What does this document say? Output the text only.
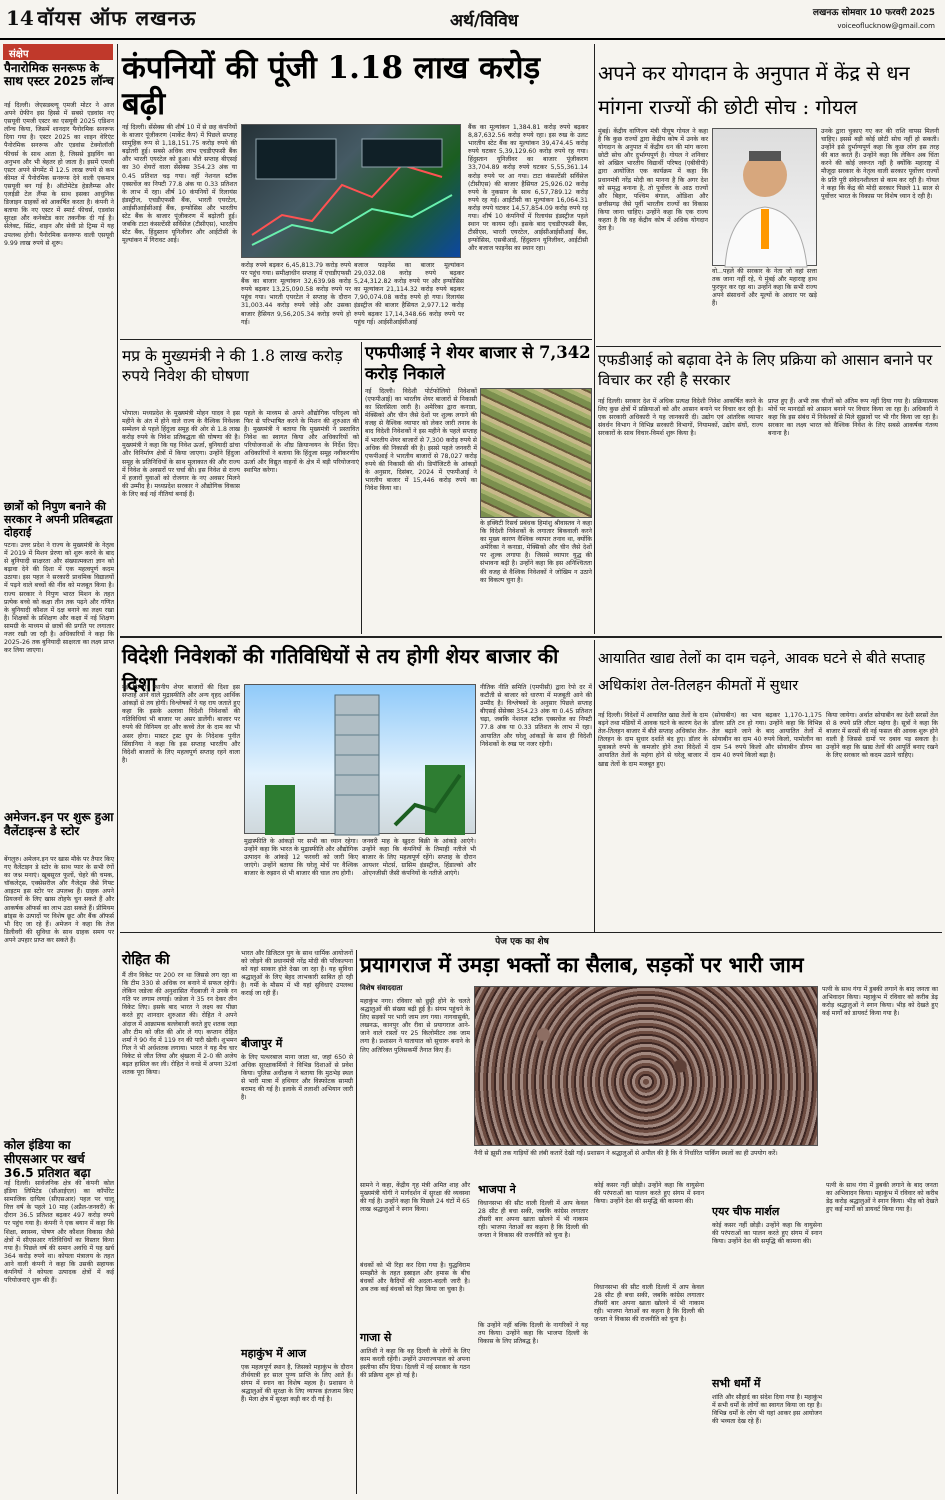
14 वॉयस ऑफ लखनऊ	अर्थ/विविध	लखनऊ सोमवार 10 फरवरी 2025
voiceoflucknow@gmail.com
संक्षेप
पैनारोमिक सनरूफ के साथ एस्टर 2025 लॉन्च
नई दिल्ली। जेएसडब्ल्यू एमजी मोटर ने आज अपने ग्रेफीन इस हिस्से में सबसे एडवांस नए एसयूवी एमजी एस्टर का एसयूवी 2025 एडिशन लॉन्च किया, जिसमें शानदार पैनोरमिक सनरूफ दिया गया है। एस्टर 2025 का शाइन वेरिएंट पैनोरमिक सनरूफ और एडवांस टेक्नोलॉजी फीचर्स के साथ आता है, जिससे ड्राइविंग का अनुभव और भी बेहतर हो जाता है। इसमें एमजी एस्टर अपने सेगमेंट में 12.5 लाख रुपये से कम कीमत में पैनोरमिक सनरूफ देने वाली एकमात्र एसयूवी बन गई है। ऑटोमेटेड हेडलैम्प्स और एलईडी टेल लैंप्स के साथ इसका आधुनिक डिजाइन ग्राहकों को आकर्षित करता है। कंपनी ने बताया कि नए एस्टर में स्मार्ट फीचर्स, एडवांस सुरक्षा और कनेक्टेड कार तकनीक दी गई है। सेलेक्ट, स्प्रिंट, शाइन और सेवी प्रो ट्रिम्स में यह उपलब्ध होगी। पैनोरमिक सनरूफ वाली एसयूवी 9.99 लाख रुपये से शुरू।
छात्रों को निपुण बनाने की सरकार ने अपनी प्रतिबद्धता दोहराई
पटना। उत्तर प्रदेश ने राज्य के मुख्यमंत्री के नेतृत्व में 2019 में मिशन प्रेरणा को शुरू करने के बाद से बुनियादी साक्षरता और संख्यात्मकता ज्ञान को बढ़ावा देने की दिशा में एक महत्वपूर्ण कदम उठाया। इस पहल ने सरकारी प्राथमिक विद्यालयों में पढ़ने वाले बच्चों की नींव को मजबूत किया है। राज्य सरकार ने निपुण भारत मिशन के तहत प्रत्येक बच्चे को कक्षा तीन तक पढ़ने और गणित के बुनियादी कौशल में दक्ष बनाने का लक्ष्य रखा है। शिक्षकों के प्रशिक्षण और कक्षा में नई शिक्षण सामग्री के माध्यम से छात्रों की प्रगति पर लगातार नजर रखी जा रही है। अधिकारियों ने कहा कि 2025-26 तक बुनियादी साक्षरता का लक्ष्य प्राप्त कर लिया जाएगा।
अमेजन.इन पर शुरू हुआ वैलेंटाइन्स डे स्टोर
बेंगलुरु। अमेजन.इन पर खास मौके पर तैयार किए गए वैलेंटाइन डे स्टोर के साथ प्यार के सभी रंगों का जश्न मनाएं। खूबसूरत फूलों, चेहरे की चमक, चॉकलेट्स, एक्सेसरीज और गैजेट्स जैसे गिफ्ट आइटम इस स्टोर पर उपलब्ध हैं। ग्राहक अपने प्रियजनों के लिए खास तोहफे चुन सकते हैं और आकर्षक ऑफर्स का लाभ उठा सकते हैं। प्रीमियम ब्रांड्स के उत्पादों पर विशेष छूट और बैंक ऑफर्स भी दिए जा रहे हैं। अमेजन ने कहा कि तेज डिलीवरी की सुविधा के साथ ग्राहक समय पर अपने उपहार प्राप्त कर सकते हैं।
कोल इंडिया का सीएसआर पर खर्च 36.5 प्रतिशत बढ़ा
नई दिल्ली। सार्वजनिक क्षेत्र की कंपनी कोल इंडिया लिमिटेड (सीआईएल) का कॉर्पोरेट सामाजिक दायित्व (सीएसआर) पहल पर चालू वित्त वर्ष के पहले 10 माह (अप्रैल-जनवरी) के दौरान 36.5 प्रतिशत बढ़कर 497 करोड़ रुपये पर पहुंच गया है। कंपनी ने एक बयान में कहा कि शिक्षा, स्वास्थ्य, पोषण और कौशल विकास जैसे क्षेत्रों में सीएसआर गतिविधियों का विस्तार किया गया है। पिछले वर्ष की समान अवधि में यह खर्च 364 करोड़ रुपये था। कोयला मंत्रालय के तहत आने वाली कंपनी ने कहा कि उसकी सहायक कंपनियों ने कोयला उत्पादक क्षेत्रों में कई परियोजनाएं शुरू की हैं।
कंपनियों की पूंजी 1.18 लाख करोड़ बढ़ी
नई दिल्ली। सेंसेक्स की शीर्ष 10 में से छह कंपनियों के बाजार पूंजीकरण (मार्केट कैप) में पिछले सप्ताह सामूहिक रूप से 1,18,151.75 करोड़ रुपये की बढ़ोतरी हुई। सबसे अधिक लाभ एचडीएफसी बैंक और भारती एयरटेल को हुआ। बीते सप्ताह बीएसई का 30 शेयरों वाला सेंसेक्स 354.23 अंक या 0.45 प्रतिशत चढ़ गया। वहीं नेशनल स्टॉक एक्सचेंज का निफ्टी 77.8 अंक या 0.33 प्रतिशत के लाभ में रहा। शीर्ष 10 कंपनियों में रिलायंस इंडस्ट्रीज, एचडीएफसी बैंक, भारती एयरटेल, आईसीआईसीआई बैंक, इन्फोसिस और भारतीय स्टेट बैंक के बाजार पूंजीकरण में बढ़ोतरी हुई। जबकि टाटा कंसल्टेंसी सर्विसेज (टीसीएस), भारतीय स्टेट बैंक, हिंदुस्तान यूनिलीवर और आईटीसी के मूल्यांकन में गिरावट आई।
करोड़ रुपये बढ़कर 6,45,813.79 करोड़ रुपये पर पहुंच गया। समीक्षाधीन सप्ताह में एचडीएफसी बैंक का बाजार मूल्यांकन 32,639.98 करोड़ रुपये बढ़कर 13,25,090.58 करोड़ रुपये पर पहुंच गया। भारती एयरटेल ने सप्ताह के दौरान 31,003.44 करोड़ रुपये जोड़े और उसका बाजार हैसियत 9,56,205.34 करोड़ रुपये हो गई।
बजाज फाइनेंस का बाजार मूल्यांकन 29,032.08 करोड़ रुपये बढ़कर 5,24,312.82 करोड़ रुपये पर और इन्फोसिस का मूल्यांकन 21,114.32 करोड़ रुपये बढ़कर 7,90,074.08 करोड़ रुपये हो गया। रिलायंस इंडस्ट्रीज की बाजार हैसियत 2,977.12 करोड़ रुपये बढ़कर 17,14,348.66 करोड़ रुपये पर पहुंच गई। आईसीआईसीआई
बैंक का मूल्यांकन 1,384.81 करोड़ रुपये बढ़कर 8,87,632.56 करोड़ रुपये रहा। इस रुख के उलट भारतीय स्टेट बैंक का मूल्यांकन 39,474.45 करोड़ रुपये घटकर 5,39,129.60 करोड़ रुपये रह गया। हिंदुस्तान यूनिलीवर का बाजार पूंजीकरण 33,704.89 करोड़ रुपये घटकर 5,55,361.14 करोड़ रुपये पर आ गया। टाटा कंसल्टेंसी सर्विसेज (टीसीएस) की बाजार हैसियत 25,926.02 करोड़ रुपये के नुकसान के साथ 6,57,789.12 करोड़ रुपये रह गई। आईटीसी का मूल्यांकन 16,064.31 करोड़ रुपये घटकर 14,57,854.09 करोड़ रुपये रह गया। शीर्ष 10 कंपनियों में रिलायंस इंडस्ट्रीज पहले स्थान पर कायम रही। इसके बाद एचडीएफसी बैंक, टीसीएस, भारती एयरटेल, आईसीआईसीआई बैंक, इन्फोसिस, एसबीआई, हिंदुस्तान यूनिलीवर, आईटीसी और बजाज फाइनेंस का स्थान रहा।
अपने कर योगदान के अनुपात में केंद्र से धन मांगना राज्यों की छोटी सोच : गोयल
मुंबई। केंद्रीय वाणिज्य मंत्री पीयूष गोयल ने कहा है कि कुछ राज्यों द्वारा केंद्रीय कोष में उनके कर योगदान के अनुपात में केंद्रीय धन की मांग करना छोटी सोच और दुर्भाग्यपूर्ण है। गोयल ने शनिवार को अखिल भारतीय विद्यार्थी परिषद (एबीवीपी) द्वारा आयोजित एक कार्यक्रम में कहा कि प्रधानमंत्री नरेंद्र मोदी का मानना है कि अगर देश को समृद्ध बनाना है, तो पूर्वोत्तर के आठ राज्यों और बिहार, पश्चिम बंगाल, ओडिशा और छत्तीसगढ़ जैसे पूर्वी भारतीय राज्यों का विकास किया जाना चाहिए। उन्होंने कहा कि एक राज्य कहता है कि वह केंद्रीय कोष में अधिक योगदान देता है।
वो...पहले की सरकार के नेता जो वहां सत्ता तक जाना नहीं रहे, ये मुंबई और महाराष्ट्र हाथ फुरफुर कर रहा था। उन्होंने कहा कि सभी राज्य अपने संसाधनों और मूल्यों के आधार पर खड़े हैं।
उनके द्वारा चुकाए गए कर की राशि वापस मिलनी चाहिए। इससे बड़ी कोई छोटी सोच नहीं हो सकती। उन्होंने इसे दुर्भाग्यपूर्ण कहा कि कुछ लोग इस तरह की बात करते हैं। उन्होंने कहा कि लेकिन अब चिंता करने की कोई जरूरत नहीं है क्योंकि महाराष्ट्र में मौजूदा सरकार के नेतृत्व वाली सरकार पूर्वोत्तर राज्यों के प्रति पूरी संवेदनशीलता से काम कर रही है। गोयल ने कहा कि केंद्र की मोदी सरकार पिछले 11 साल से पूर्वोत्तर भारत के विकास पर विशेष ध्यान दे रही है।
मप्र के मुख्यमंत्री ने की 1.8 लाख करोड़ रुपये निवेश की घोषणा
भोपाल। मध्यप्रदेश के मुख्यमंत्री मोहन यादव ने इस महीने के अंत में होने वाले राज्य के वैश्विक निवेशक सम्मेलन से पहले हिंदुजा समूह की ओर से 1.8 लाख करोड़ रुपये के निवेश प्रतिबद्धता की घोषणा की है। मुख्यमंत्री ने कहा कि यह निवेश ऊर्जा, बुनियादी ढांचा और विनिर्माण क्षेत्रों में किया जाएगा। उन्होंने हिंदुजा समूह के प्रतिनिधियों के साथ मुलाकात की और राज्य में निवेश के अवसरों पर चर्चा की। इस निवेश से राज्य में हजारों युवाओं को रोजगार के नए अवसर मिलने की उम्मीद है। मध्यप्रदेश सरकार ने औद्योगिक विकास के लिए कई नई नीतियां बनाई हैं।
पहले के माध्यम से अपने औद्योगिक परिदृश्य को फिर से परिभाषित करने के मिशन की शुरुआत की है। मुख्यमंत्री ने बताया कि मुख्यमंत्री ने प्रस्तावित निवेश का स्वागत किया और अधिकारियों को परियोजनाओं के शीघ्र क्रियान्वयन के निर्देश दिए। अधिकारियों ने बताया कि हिंदुजा समूह नवीकरणीय ऊर्जा और विद्युत वाहनों के क्षेत्र में बड़ी परियोजनाएं स्थापित करेगा।
एफपीआई ने शेयर बाजार से 7,342 करोड़ निकाले
नई दिल्ली। विदेशी पोर्टफोलियो निवेशकों (एफपीआई) का भारतीय शेयर बाजारों से निकासी का सिलसिला जारी है। अमेरिका द्वारा कनाडा, मेक्सिको और चीन जैसे देशों पर शुल्क लगाने की वजह से वैश्विक व्यापार को लेकर जारी तनाव के बाद विदेशी निवेशकों ने इस महीने के पहले सप्ताह में भारतीय शेयर बाजारों से 7,300 करोड़ रुपये से अधिक की निकासी की है। इससे पहले जनवरी में एफपीआई ने भारतीय बाजारों से 78,027 करोड़ रुपये की निकासी की थी। डिपॉजिटरी के आंकड़ों के अनुसार, दिसंबर, 2024 में एफपीआई ने भारतीय बाजार में 15,446 करोड़ रुपये का निवेश किया था।
के इक्विटी रिसर्च प्रबंधक हिमांशु श्रीवास्तव ने कहा कि विदेशी निवेशकों के लगातार बिकवाली करने का मुख्य कारण वैश्विक व्यापार तनाव था, क्योंकि अमेरिका ने कनाडा, मेक्सिको और चीन जैसे देशों पर शुल्क लगाया है। जिससे व्यापार युद्ध की संभावना बढ़ी है। उन्होंने कहा कि इस अनिश्चितता की वजह से वैश्विक निवेशकों ने जोखिम न उठाने का विकल्प चुना है।
एफडीआई को बढ़ावा देने के लिए प्रक्रिया को आसान बनाने पर विचार कर रही है सरकार
नई दिल्ली। सरकार देश में अधिक प्रत्यक्ष विदेशी निवेश आकर्षित करने के लिए कुछ क्षेत्रों में प्रक्रियाओं को और आसान बनाने पर विचार कर रही है। एक सरकारी अधिकारी ने यह जानकारी दी। उद्योग एवं आंतरिक व्यापार संवर्धन विभाग ने विभिन्न सरकारी विभागों, नियामकों, उद्योग संघों, राज्य सरकारों के साथ विचार-विमर्श शुरू किया है।
प्राप्त हुए हैं। अभी तक चीजों को अंतिम रूप नहीं दिया गया है। प्रक्रियात्मक मोर्चे पर मानदंडों को आसान बनाने पर विचार किया जा रहा है। अधिकारी ने कहा कि इस संबंध में निवेशकों से मिले सुझावों पर भी गौर किया जा रहा है। सरकार का लक्ष्य भारत को वैश्विक निवेश के लिए सबसे आकर्षक गंतव्य बनाना है।
विदेशी निवेशकों की गतिविधियों से तय होगी शेयर बाजार की दिशा
नई दिल्ली। स्थानीय शेयर बाजारों की दिशा इस सप्ताह आने वाले मुद्रास्फीति और अन्य वृहद आर्थिक आंकड़ों से तय होगी। विश्लेषकों ने यह राय जताते हुए कहा कि इसके अलावा विदेशी निवेशकों की गतिविधियां भी बाजार पर असर डालेंगी। बाजार पर रुपये की विनिमय दर और कच्चे तेल के दाम का भी असर होगा। मास्टर ट्रस्ट ग्रुप के निदेशक पुनीत सिंघानिया ने कहा कि इस सप्ताह भारतीय और विदेशी बाजारों के लिए महत्वपूर्ण सप्ताह रहने वाला है।
मुद्रास्फीति के आंकड़ों पर सभी का ध्यान रहेगा। उन्होंने कहा कि भारत के मुद्रास्फीति और औद्योगिक उत्पादन के आंकड़े 12 फरवरी को जारी किए जाएंगे। उन्होंने बताया कि घरेलू मोर्चे पर वैश्विक बाजार के रुझान से भी बाजार की चाल तय होगी।
जनवरी माह के खुदरा बिक्री के आंकड़े आएंगे। उन्होंने कहा कि कंपनियों के तिमाही नतीजे भी बाजार के लिए महत्वपूर्ण रहेंगे। सप्ताह के दौरान आयशर मोटर्स, ग्रासिम इंडस्ट्रीज, हिंडाल्को और ओएनजीसी जैसी कंपनियों के नतीजे आएंगे।
नीतिक नीति समिति (एमपीसी) द्वारा रेपो दर में कटौती से बाजार को धारणा में मजबूती आने की उम्मीद है। विश्लेषकों के अनुसार पिछले सप्ताह बीएसई सेंसेक्स 354.23 अंक या 0.45 प्रतिशत चढ़ा, जबकि नेशनल स्टॉक एक्सचेंज का निफ्टी 77.8 अंक या 0.33 प्रतिशत के लाभ में रहा। आयातित और घरेलू आंकड़ों के साथ ही विदेशी निवेशकों के रुख पर नजर रहेगी।
आयातित खाद्य तेलों का दाम चढ़ने, आवक घटने से बीते सप्ताह अधिकांश तेल-तिलहन कीमतों में सुधार
नई दिल्ली। विदेशों में आयातित खाद्य तेलों के दाम बढ़ने तथा मंडियों में आवक घटने के कारण देश के तेल-तिलहन बाजार में बीते सप्ताह अधिकांश तेल-तिलहन के दाम सुधार दर्शाते बंद हुए। डॉलर के मुकाबले रुपये के कमजोर होने तथा विदेशों में आयातित तेलों के महंगा होने से घरेलू बाजार में खाद्य तेलों के दाम मजबूत हुए।
(सोयाबीन) का भाव बढ़कर 1,170-1,175 डॉलर प्रति टन हो गया। उन्होंने कहा कि विभिन्न तेल बढ़ाने जाने के बाद आयातित तेलों में सोयाबीन का दाम 40 रुपये किलो, पामोलीन का दाम 54 रुपये किलो और सोयाबीन डीगम का दाम 40 रुपये किलो बढ़ा है।
किया जायेगा। अर्थात सोयाबीन का देशी सरसों तेल से 8 रुपये प्रति लीटर महंगा है। सूत्रों ने कहा कि बाजार में सरसों की नई फसल की आवक शुरू होने वाली है जिससे दामों पर दबाव पड़ सकता है। उन्होंने कहा कि खाद्य तेलों की आपूर्ति बनाए रखने के लिए सरकार को कदम उठाने चाहिए।
पेज एक का शेष
रोहित की
मैं तीन विकेट पर 200 रन था जिससे लग रहा था कि टीम 330 से अधिक रन बनाने में सफल रहेगी। लेकिन जडेजा की अनुशासित गेंदबाजी ने उनके रन गति पर लगाम लगाई। जडेजा ने 35 रन देकर तीन विकेट लिए। इसके बाद भारत ने लक्ष्य का पीछा करते हुए शानदार शुरुआत की। रोहित ने अपने अंदाज में आक्रामक बल्लेबाजी करते हुए शतक जड़ा और टीम को जीत की ओर ले गए। कप्तान रोहित शर्मा ने 90 गेंद में 119 रन की पारी खेली। शुभमन गिल ने भी अर्धशतक लगाया। भारत ने यह मैच चार विकेट से जीत लिया और श्रृंखला में 2-0 की अजेय बढ़त हासिल कर ली। रोहित ने वनडे में अपना 32वां शतक पूरा किया।
भारत और डिजिटल युग के साथ धार्मिक आयोजनों को जोड़ने की प्रधानमंत्री नरेंद्र मोदी की परिकल्पना को यहां साकार होते देखा जा रहा है। यह सुविधा श्रद्धालुओं के लिए बेहद लाभकारी साबित हो रही है। गर्मी के मौसम में भी यहां सुविधाएं उपलब्ध कराई जा रही हैं।
बीजापुर में
के लिए पत्थरबाज माना जाता था, जहां 650 से अधिक सुरक्षाकर्मियों ने विभिन्न दिशाओं से प्रवेश किया। पुलिस अधीक्षक ने बताया कि मुठभेड़ स्थल से भारी मात्रा में हथियार और विस्फोटक सामग्री बरामद की गई है। इलाके में तलाशी अभियान जारी है।
महाकुंभ में आज
एक महत्वपूर्ण स्थान है, जिसको महाकुंभ के दौरान तीर्थयात्री हर साल पुण्य प्राप्ति के लिए आते हैं। संगम में स्नान का विशेष महत्व है। प्रशासन ने श्रद्धालुओं की सुरक्षा के लिए व्यापक इंतजाम किए हैं। मेला क्षेत्र में सुरक्षा कड़ी कर दी गई है।
प्रयागराज में उमड़ा भक्तों का सैलाब, सड़कों पर भारी जाम
विशेष संवाददाता
महाकुंभ नगर। रविवार को छुट्टी होने के चलते श्रद्धालुओं की संख्या बढ़ी हुई है। संगम पहुंचने के लिए सड़कों पर भारी जाम लग गया। नागवासुकी, लखनऊ, कानपुर और रीवा से प्रयागराज आने-जाने वाले रास्तों पर 25 किलोमीटर तक जाम लगा है। प्रशासन ने यातायात को सुचारू बनाने के लिए अतिरिक्त पुलिसकर्मी तैनात किए हैं।
पत्नी के साथ गंगा में डुबकी लगाने के बाद जनता का अभिवादन किया। महाकुंभ में रविवार को करीब डेढ़ करोड़ श्रद्धालुओं ने स्नान किया। भीड़ को देखते हुए कई मार्गों को डायवर्ट किया गया है।
नैनी से झूसी तक गाड़ियों की लंबी कतारें देखी गईं। प्रशासन ने श्रद्धालुओं से अपील की है कि वे निर्धारित पार्किंग स्थलों का ही उपयोग करें।
सामने ने कहा, केंद्रीय गृह मंत्री अमित शाह और मुख्यमंत्री योगी ने मार्गदर्शन में सुरक्षा की व्यवस्था की गई है। उन्होंने कहा कि पिछले 24 घंटों में 65 लाख श्रद्धालुओं ने स्नान किया।
भाजपा ने
विधानसभा की सीट वाली दिल्ली में आप केवल 28 सीट ही बचा सकी, जबकि कांग्रेस लगातार तीसरी बार अपना खाता खोलने में भी नाकाम रही। भाजपा नेताओं का कहना है कि दिल्ली की जनता ने विकास की राजनीति को चुना है।
कि उन्होंने नहीं बल्कि दिल्ली के नागरिकों ने यह तय किया। उन्होंने कहा कि भाजपा दिल्ली के विकास के लिए प्रतिबद्ध है।
गाजा से
बंधकों को भी रिहा कर दिया गया है। युद्धविराम समझौते के तहत इस्राइल और हमास के बीच बंधकों और कैदियों की अदला-बदली जारी है। अब तक कई बंधकों को रिहा किया जा चुका है।
आतिशी ने कहा कि वह दिल्ली के लोगों के लिए काम करती रहेंगी। उन्होंने उपराज्यपाल को अपना इस्तीफा सौंप दिया। दिल्ली में नई सरकार के गठन की प्रक्रिया शुरू हो गई है।
कोई कसर नहीं छोड़ी। उन्होंने कहा कि वायुसेना की परंपराओं का पालन करते हुए संगम में स्नान किया। उन्होंने देश की समृद्धि की कामना की।
एयर चीफ मार्शल
कोई कसर नहीं छोड़ी। उन्होंने कहा कि वायुसेना की परंपराओं का पालन करते हुए संगम में स्नान किया। उन्होंने देश की समृद्धि की कामना की।
सभी धर्मों में
शांति और सौहार्द का संदेश दिया गया है। महाकुंभ में सभी धर्मों के लोगों का स्वागत किया जा रहा है। विभिन्न धर्मों के लोग भी यहां आकर इस आयोजन की भव्यता देख रहे हैं।
विधानसभा की सीट वाली दिल्ली में आप केवल 28 सीट ही बचा सकी, जबकि कांग्रेस लगातार तीसरी बार अपना खाता खोलने में भी नाकाम रही। भाजपा नेताओं का कहना है कि दिल्ली की जनता ने विकास की राजनीति को चुना है।
पत्नी के साथ गंगा में डुबकी लगाने के बाद जनता का अभिवादन किया। महाकुंभ में रविवार को करीब डेढ़ करोड़ श्रद्धालुओं ने स्नान किया। भीड़ को देखते हुए कई मार्गों को डायवर्ट किया गया है।
